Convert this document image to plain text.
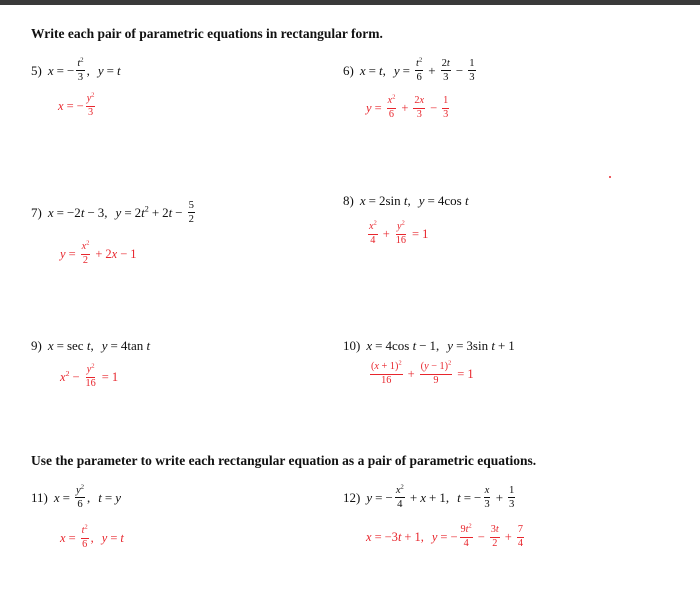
Write each pair of parametric equations in rectangular form.
5) x = − $\frac{t^2}{3}$ , y = t
x = − $\frac{y^2}{3}$
6) x = t , $y = \frac{t^2}{6} + \frac{2t}{3} - \frac{1}{3}$
$y = \frac{x^2}{6} + \frac{2x}{3} - \frac{1}{3}$
7) x = −2t − 3 , $y = 2t^2 + 2t - \frac{5}{2}$
$y = \frac{x^2}{2} + 2x - 1$
8) x = 2sin t , y = 4cos t
$\frac{x^2}{4} + \frac{y^2}{16} = 1$
9) x = sec t , y = 4tan t
$x^2 - \frac{y^2}{16} = 1$
10) x = 4cos t − 1 , y = 3sin t + 1
$\frac{(x + 1)^2}{16} + \frac{(y - 1)^2}{9} = 1$
Use the parameter to write each rectangular equation as a pair of parametric equations.
11) $x = \frac{y^2}{6}$ , t = y
$x = \frac{t^2}{6}$ , y = t
12) y = − $\frac{x^2}{4} + x + 1$ , t = − $\frac{x}{3} + \frac{1}{3}$
x = −3t + 1 , y = − $\frac{9t^2}{4} - \frac{3t}{2} + \frac{7}{4}$
